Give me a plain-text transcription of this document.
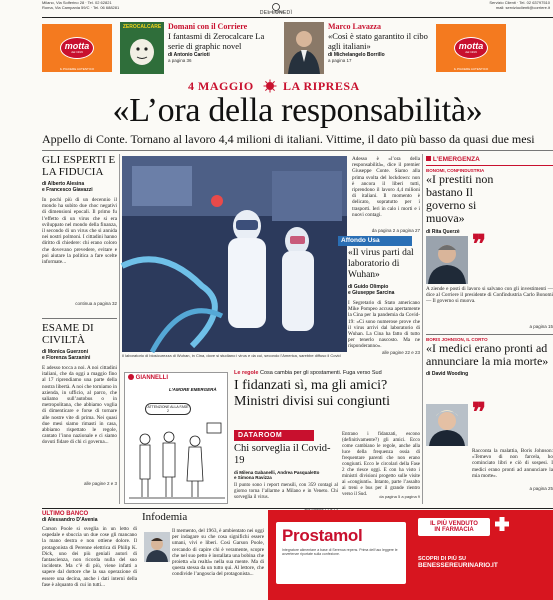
Milano, Via Solferino 28 · Tel. 02 62821
Roma, Via Campania 59/C · Tel. 06 688281
DEL LUNEDÌ
Servizio Clienti · Tel. 02 63797510
mail: servizioclienti@corriere.it
motta
dal 1919
IL PIACERE AUTENTICO
ZEROCALCARE Domani con il Corriere
I fantasmi di Zerocalcare La serie di graphic novel
di Antonio Carioti
a pagina 36
Marco Lavazza
«Così è stato garantito il cibo agli italiani»
di Michelangelo Borrillo
a pagina 17
motta
dal 1919
IL PIACERE AUTENTICO
4 MAGGIO LA RIPRESA
«L’ora della responsabilità»
Appello di Conte. Tornano al lavoro 4,4 milioni di italiani. Vittime, il dato più basso da quasi due mesi
GLI ESPERTI E LA FIDUCIA
di Alberto Alesina
e Francesco Giavazzi
In pochi più di un decennio il mondo ha subìto due choc negativi di dimensioni epocali. Il primo fu l’effetto di un virus che si era sviluppato nel mondo della finanza, il secondo di un virus che si annida nei nostri polmoni. I cittadini hanno diritto di chiedere: chi erano coloro che dovevano prevedere, evitare e poi aiutare la politica a fare scelte informate...
continua a pagina 32
ESAME DI CIVILTÀ
di Monica Guerzoni
e Fiorenza Sarzanini
E adesso tocca a noi. A noi cittadini italiani, che da oggi a maggio fino al 17 riprendiamo una parte della nostra libertà. A noi che torniamo in azienda, in ufficio, al parco, che saliamo sull’autobus o in metropolitana, che abbiamo voglia di dimenticare e forse di tornare alle nostre vite di prima. Nei quasi due mesi siamo rimasti in casa, abbiamo rispettato le regole, cantato l’inno nazionale e ci siamo dovuti fidare di chi ci governa...
alle pagine 2 e 3
Il laboratorio di biosicurezza di Wuhan, in Cina, dove si studiano i virus e da cui, secondo l’America, sarebbe diffuso il Covid
Adesso è «l’ora della responsabilità», dice il premier Giuseppe Conte. Siamo alla prima svolta del lockdown: non è ancora il liberi tutti, riprendono il lavoro 4,4 milioni di italiani. Il momento è delicato, sopratutto per i trasporti. Ieri in calo i morti e i nuovi contagi.
da pagina 2 a pagina 27
Affondo Usa
«Il virus parti dal laboratorio di Wuhan»
di Guido Olimpio
e Giuseppe Sarcina
I Segretario di Stato americano Mike Pompeo accusa apertamente la Cina per la pandemia da Covid-19: «Ci sono numerose prove che il virus arrivi dal laboratorio di Wuhan. La Cina ha fatto di tutto per tenerlo nascosto. Ma ne risponderanno».
alle pagine 22 e 23
GIANNELLI
L’AMORE EMERGERÀ
ATTENZIONE ALLA FASE 2
Le regole Cosa cambia per gli spostamenti. Fuga verso Sud
I fidanzati sì, ma gli amici? Ministri divisi sui congiunti
DATAROOM
Chi sorveglia il Covid-19
di Milena Gabanelli, Andrea Pasqualetto
e Simona Ravizza
Il punto sono i report mensili, con 359 contagi al giorno torna l’allarme a Milano e in Veneto. Chi sorveglia il virus.
Entrano i fidanzati, escono (definitivamente?) gli amici. Ecco come cambiano le regole, anche alla luce della frequenza ossia di frequentare parenti che non erano congiunti. Ecco le circolari della Fase 2 che riesce oggi. E con ha visto i ministri divisioni progetto sulle visite ai «congiunti». Intanto, parte l’assalto ai treni e bus per il grande rientro verso il Sud.	da pagina 5 a pagina 9
L’EMERGENZA
BONOMI, CONFINDUSTRIA
«I prestiti non bastano Il governo si muova»
di Rita Querzè ❞
A ziende e posti di lavoro si salvano con gli investimenti — dice al Corriere il presidente di Confindustria Carlo Bonomi — Il governo si muova.
a pagina 15
BORIS JOHNSON, IL CORTO
«I medici erano pronti ad annunciare la mia morte»
di David Wooding
❞
Racconta la malattia, Boris Johnson: «Temevo di non farcela, ho cominciato libri e ciò di sospesi. I medici erano pronti ad annunciare la mia morte».
a pagina 25
ULTIMO BANCO
di Alessandro D’Avenia
Carson Poole si sveglia in un letto di ospedale e sbuccia un due cose gli mancano la mano destra e non ottiene dolore. Il protagonista di Perenne elettrica di Philip K. Dick, uno dei più geniali autori di fantascienza, non ricorda nulla del suo incidente. Ma c’è di più, viene infatti a sapere dal dottore che la sua operazione di essere una decina, anche i dati interni della fase è alquanto di cui in tutti...
Infodemia
Il memento, del 1963, è ambientato nei oggi per indagare su che cosa significhi essere umani, vivi e liberi. Così Garson Poole, cercando di capire chi è veramente, scopre che nel suo petto è installata una bobina che proietta «la realtà» nella sua mente. Ma di questa stessa da un tutto qui. Al lettore, che condivide l’angoscia del protagonista...
Prostamol
Integratore alimentare a base di Serenoa repens. Prima dell’uso leggere le avvertenze riportate sulla confezione.
IL PIÙ VENDUTO
IN FARMACIA
SCOPRI DI PIÙ SU
BENESSEREURINARIO.IT
